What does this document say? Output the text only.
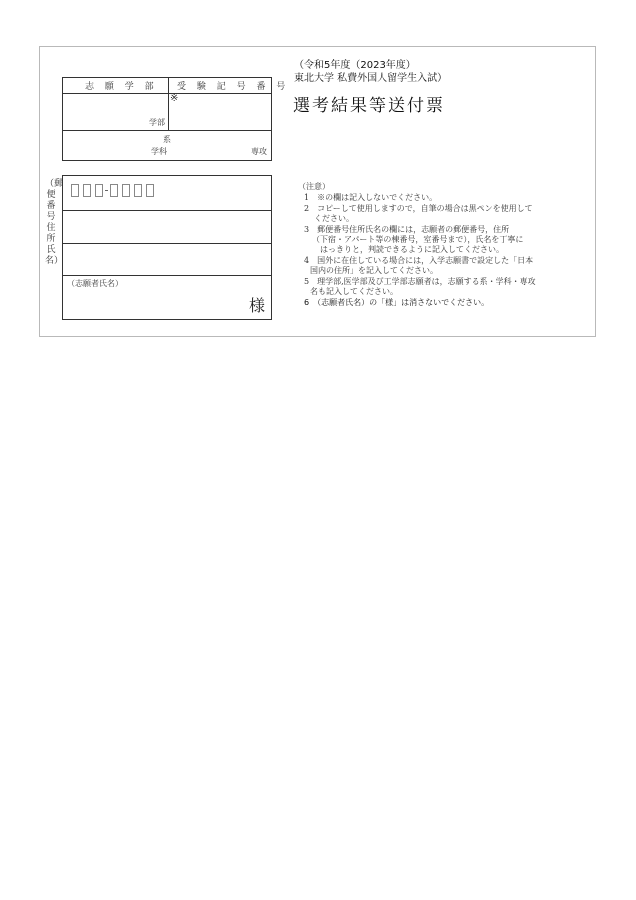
（令和5年度（2023年度）
東北大学 私費外国人留学生入試）
選考結果等送付票
志 願 学 部 受 験 記 号 番 号
※
学部
系
学科	専攻
（郵便番号住所氏名）
（志願者氏名）
様
（注意）
1　※の欄は記入しないでください。
2　コピーして使用しますので，自筆の場合は黒ペンを使用して
ください。
3　郵便番号住所氏名の欄には，志願者の郵便番号，住所
（下宿・アパート等の棟番号，室番号まで），氏名を丁寧に
はっきりと，判読できるように記入してください。
4　国外に在住している場合には，入学志願書で設定した「日本
国内の住所」を記入してください。
5　理学部,医学部及び工学部志願者は，志願する系・学科・専攻
名も記入してください。
6　（志願者氏名）の「様」は消さないでください。
